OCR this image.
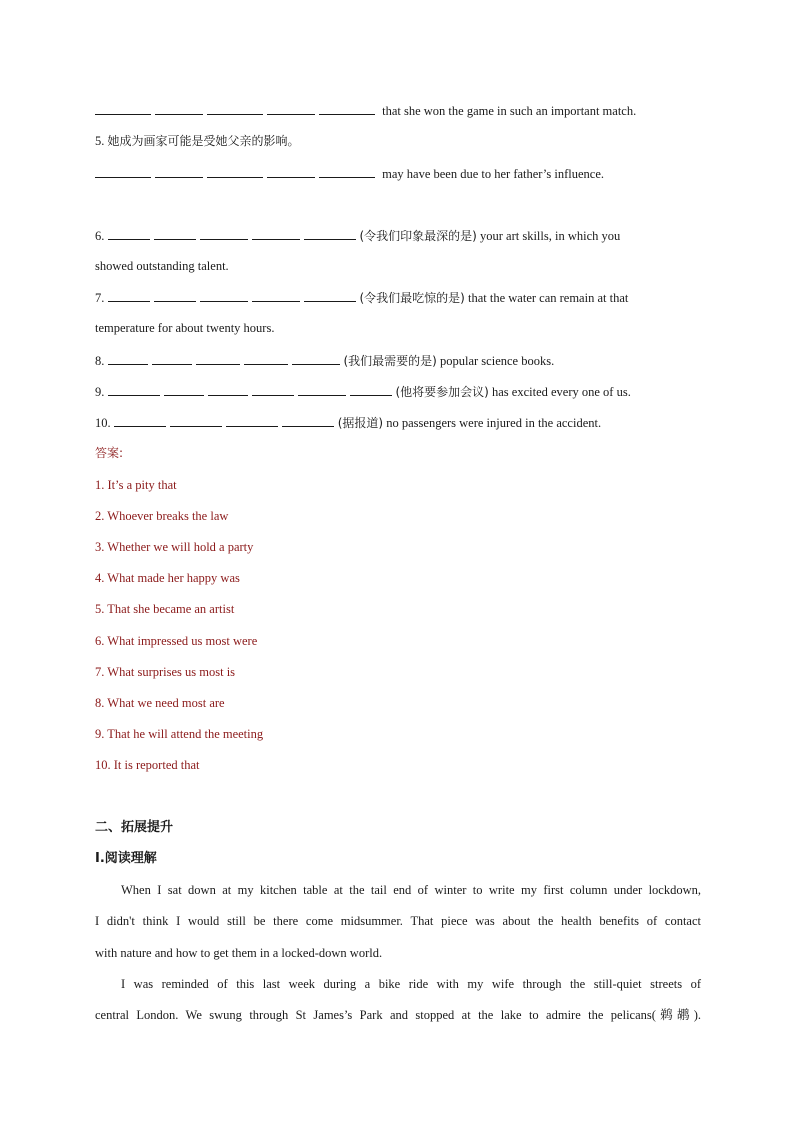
that she won the game in such an important match.
5. 她成为画家可能是受她父亲的影响。
may have been due to her father’s influence.
6.	(令我们印象最深的是) your art skills, in which you
showed outstanding talent.
7.	(令我们最吃惊的是) that the water can remain at that
temperature for about twenty hours.
8.	(我们最需要的是) popular science books.
9.	(他将要参加会议) has excited every one of us.
10.	(据报道) no passengers were injured in the accident.
答案:
1. It’s a pity that
2. Whoever breaks the law
3. Whether we will hold a party
4. What made her happy was
5. That she became an artist
6. What impressed us most were
7. What surprises us most is
8. What we need most are
9. That he will attend the meeting
10. It is reported that
二、拓展提升
I.阅读理解
When I sat down at my kitchen table at the tail end of winter to write my first column under lockdown,
I didn't think I would still be there come midsummer. That piece was about the health benefits of contact
with nature and how to get them in a locked-down world.
I was reminded of this last week during a bike ride with my wife through the still-quiet streets of
central London. We swung through St James’s Park and stopped at the lake to admire the pelicans(鹈鹕).
